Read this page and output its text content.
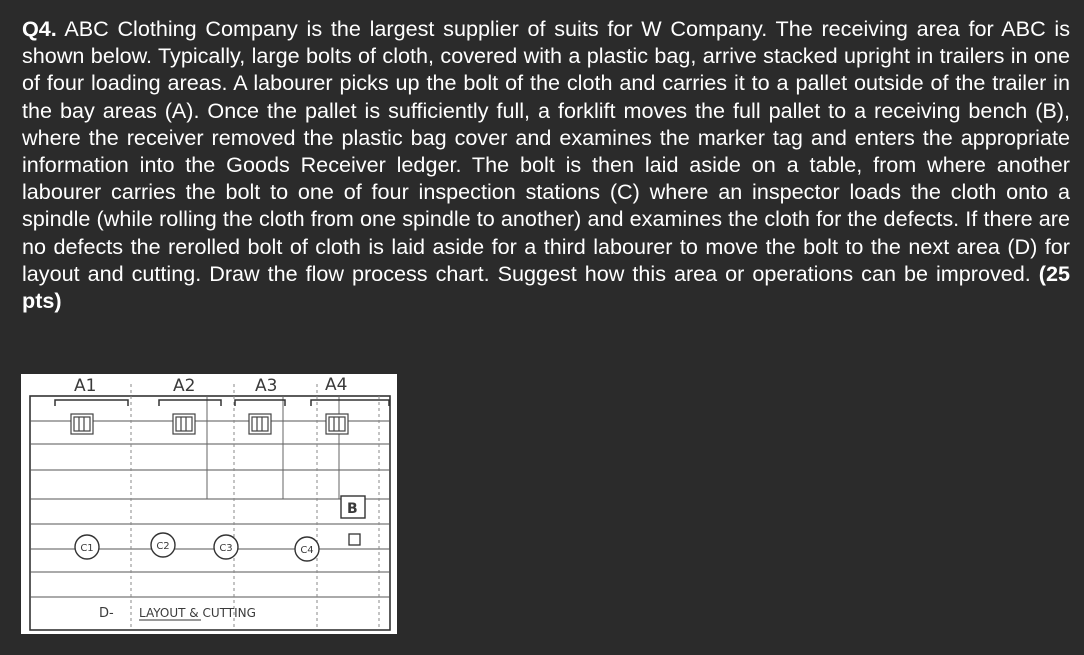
Q4. ABC Clothing Company is the largest supplier of suits for W Company. The receiving area for ABC is shown below. Typically, large bolts of cloth, covered with a plastic bag, arrive stacked upright in trailers in one of four loading areas. A labourer picks up the bolt of the cloth and carries it to a pallet outside of the trailer in the bay areas (A). Once the pallet is sufficiently full, a forklift moves the full pallet to a receiving bench (B), where the receiver removed the plastic bag cover and examines the marker tag and enters the appropriate information into the Goods Receiver ledger. The bolt is then laid aside on a table, from where another labourer carries the bolt to one of four inspection stations (C) where an inspector loads the cloth onto a spindle (while rolling the cloth from one spindle to another) and examines the cloth for the defects. If there are no defects the rerolled bolt of cloth is laid aside for a third labourer to move the bolt to the next area (D) for layout and cutting. Draw the flow process chart. Suggest how this area or operations can be improved. (25 pts)

A1	A2	A3	A4
B
C1	C2	C3	C4
D- LAYOUT & CUTTING
